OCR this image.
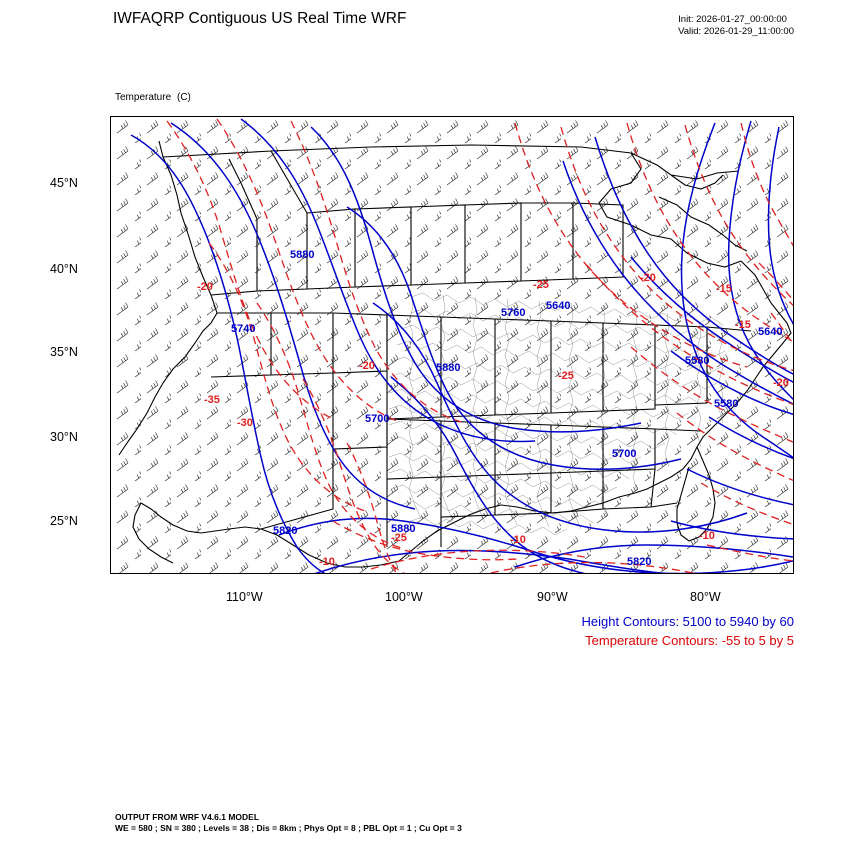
IWFAQRP Contiguous US Real Time WRF	Init: 2026-01-27_00:00:00
Valid: 2026-01-29_11:00:00

Temperature (C)

45°N
40°N
35°N
30°N
25°N
110°W	100°W	90°W	80°W
5880
5740
5880
5700
5820	5880
5820
5760
5640
5700
5580
5580
5640
-20
-20
-35
-30
-25
-10
-10	-10
-25
-25
-20
-15
-15
-20
Height Contours: 5100 to 5940 by 60
Temperature Contours: -55 to 5 by 5
OUTPUT FROM WRF V4.6.1 MODEL
WE = 580 ; SN = 380 ; Levels = 38 ; Dis = 8km ; Phys Opt = 8 ; PBL Opt = 1 ; Cu Opt = 3
